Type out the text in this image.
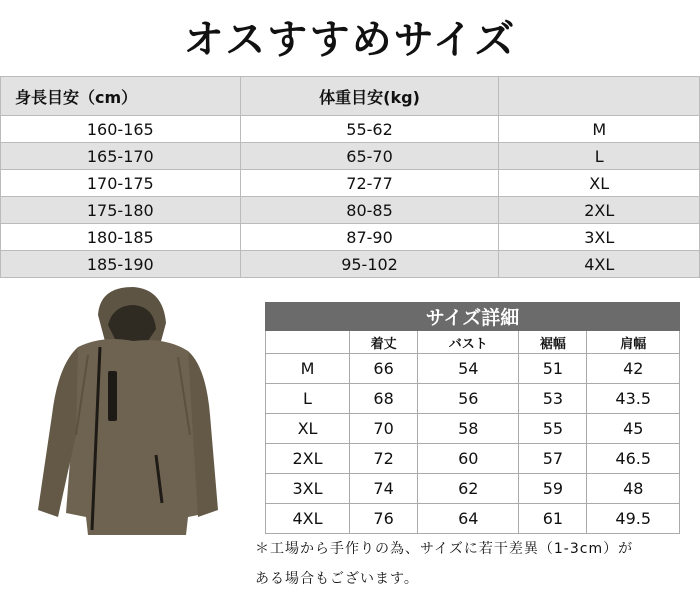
オスすすめサイズ
身長目安（cm）	体重目安(kg)	
160-165	55-62	M
165-170	65-70	L
170-175	72-77	XL
175-180	80-85	2XL
180-185	87-90	3XL
185-190	95-102	4XL
サイズ詳細				
	着丈	バスト	裾幅	肩幅
M	66	54	51	42
L	68	56	53	43.5
XL	70	58	55	45
2XL	72	60	57	46.5
3XL	74	62	59	48
4XL	76	64	61	49.5
＊工場から手作りの為、サイズに若干差異（1-3cm）が
ある場合もございます。
